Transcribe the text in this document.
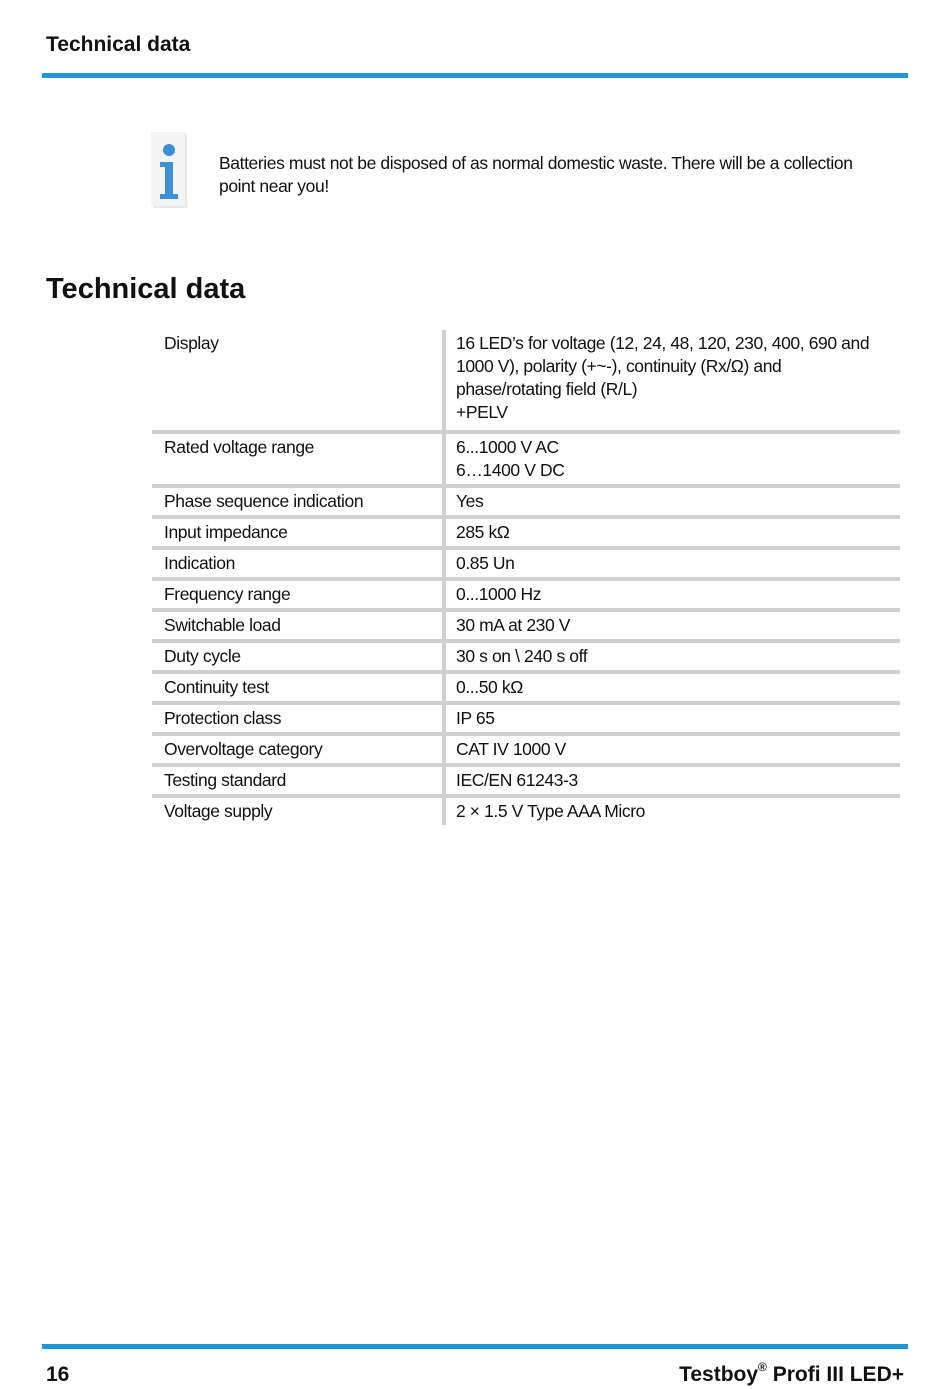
Technical data
Batteries must not be disposed of as normal domestic waste. There will be a collection point near you!
Technical data
Display	16 LED’s for voltage (12, 24, 48, 120, 230, 400, 690 and
1000 V), polarity (+~-), continuity (Rx/Ω) and
phase/rotating field (R/L)
+PELV
Rated voltage range	6...1000 V AC
6…1400 V DC
Phase sequence indication	Yes
Input impedance	285 kΩ
Indication	0.85 Un
Frequency range	0...1000 Hz
Switchable load	30 mA at 230 V
Duty cycle	30 s on \ 240 s off
Continuity test	0...50 kΩ
Protection class	IP 65
Overvoltage category	CAT IV 1000 V
Testing standard	IEC/EN 61243-3
Voltage supply	2 × 1.5 V Type AAA Micro
16	Testboy® Profi III LED+
